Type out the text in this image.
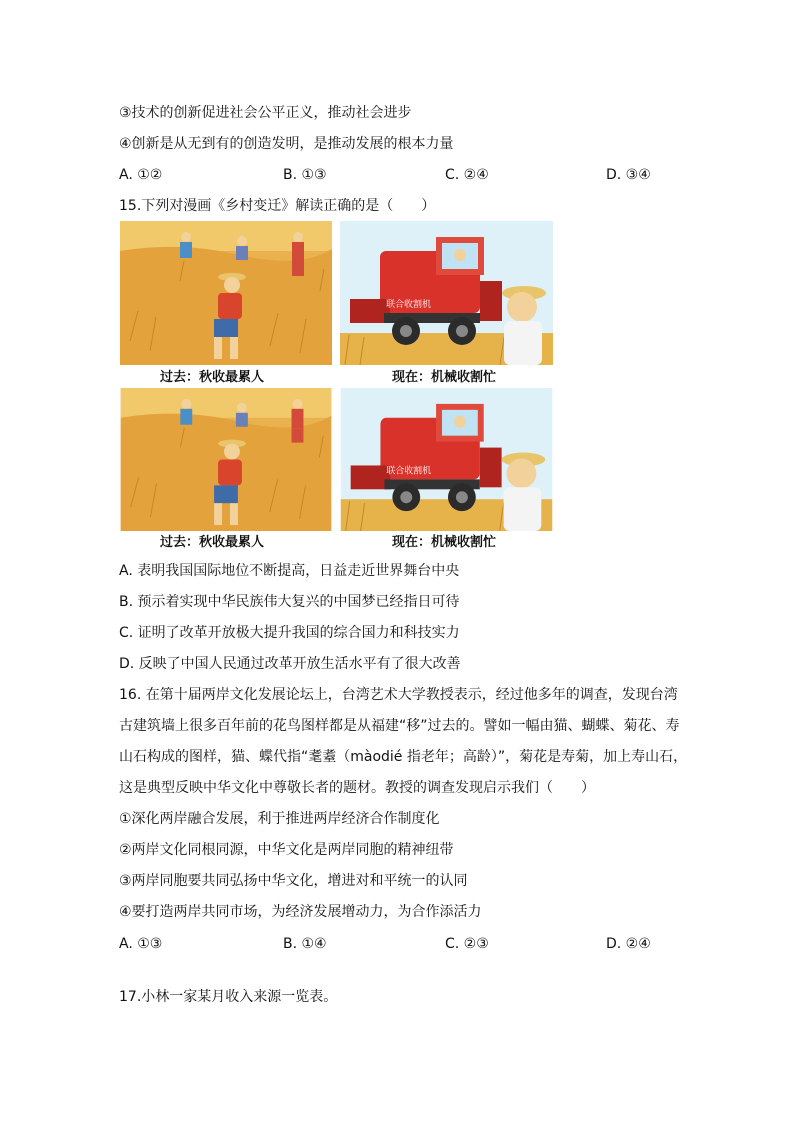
③技术的创新促进社会公平正义，推动社会进步
④创新是从无到有的创造发明，是推动发展的根本力量
A. ①②	B. ①③	C. ②④	D. ③④
15.下列对漫画《乡村变迁》解读正确的是（　　）
联合收割机
过去：秋收最累人	现在：机械收割忙
联合收割机
过去：秋收最累人	现在：机械收割忙
A. 表明我国国际地位不断提高，日益走近世界舞台中央
B. 预示着实现中华民族伟大复兴的中国梦已经指日可待
C. 证明了改革开放极大提升我国的综合国力和科技实力
D. 反映了中国人民通过改革开放生活水平有了很大改善
16. 在第十届两岸文化发展论坛上，台湾艺术大学教授表示，经过他多年的调查，发现台湾
古建筑墙上很多百年前的花鸟图样都是从福建“移”过去的。譬如一幅由猫、蝴蝶、菊花、寿
山石构成的图样，猫、蝶代指“耄耋（màodié 指老年；高龄）”，菊花是寿菊，加上寿山石，
这是典型反映中华文化中尊敬长者的题材。教授的调查发现启示我们（　　）
①深化两岸融合发展，利于推进两岸经济合作制度化
②两岸文化同根同源，中华文化是两岸同胞的精神纽带
③两岸同胞要共同弘扬中华文化，增进对和平统一的认同
④要打造两岸共同市场，为经济发展增动力，为合作添活力
A. ①③	B. ①④	C. ②③	D. ②④
17.小林一家某月收入来源一览表。
